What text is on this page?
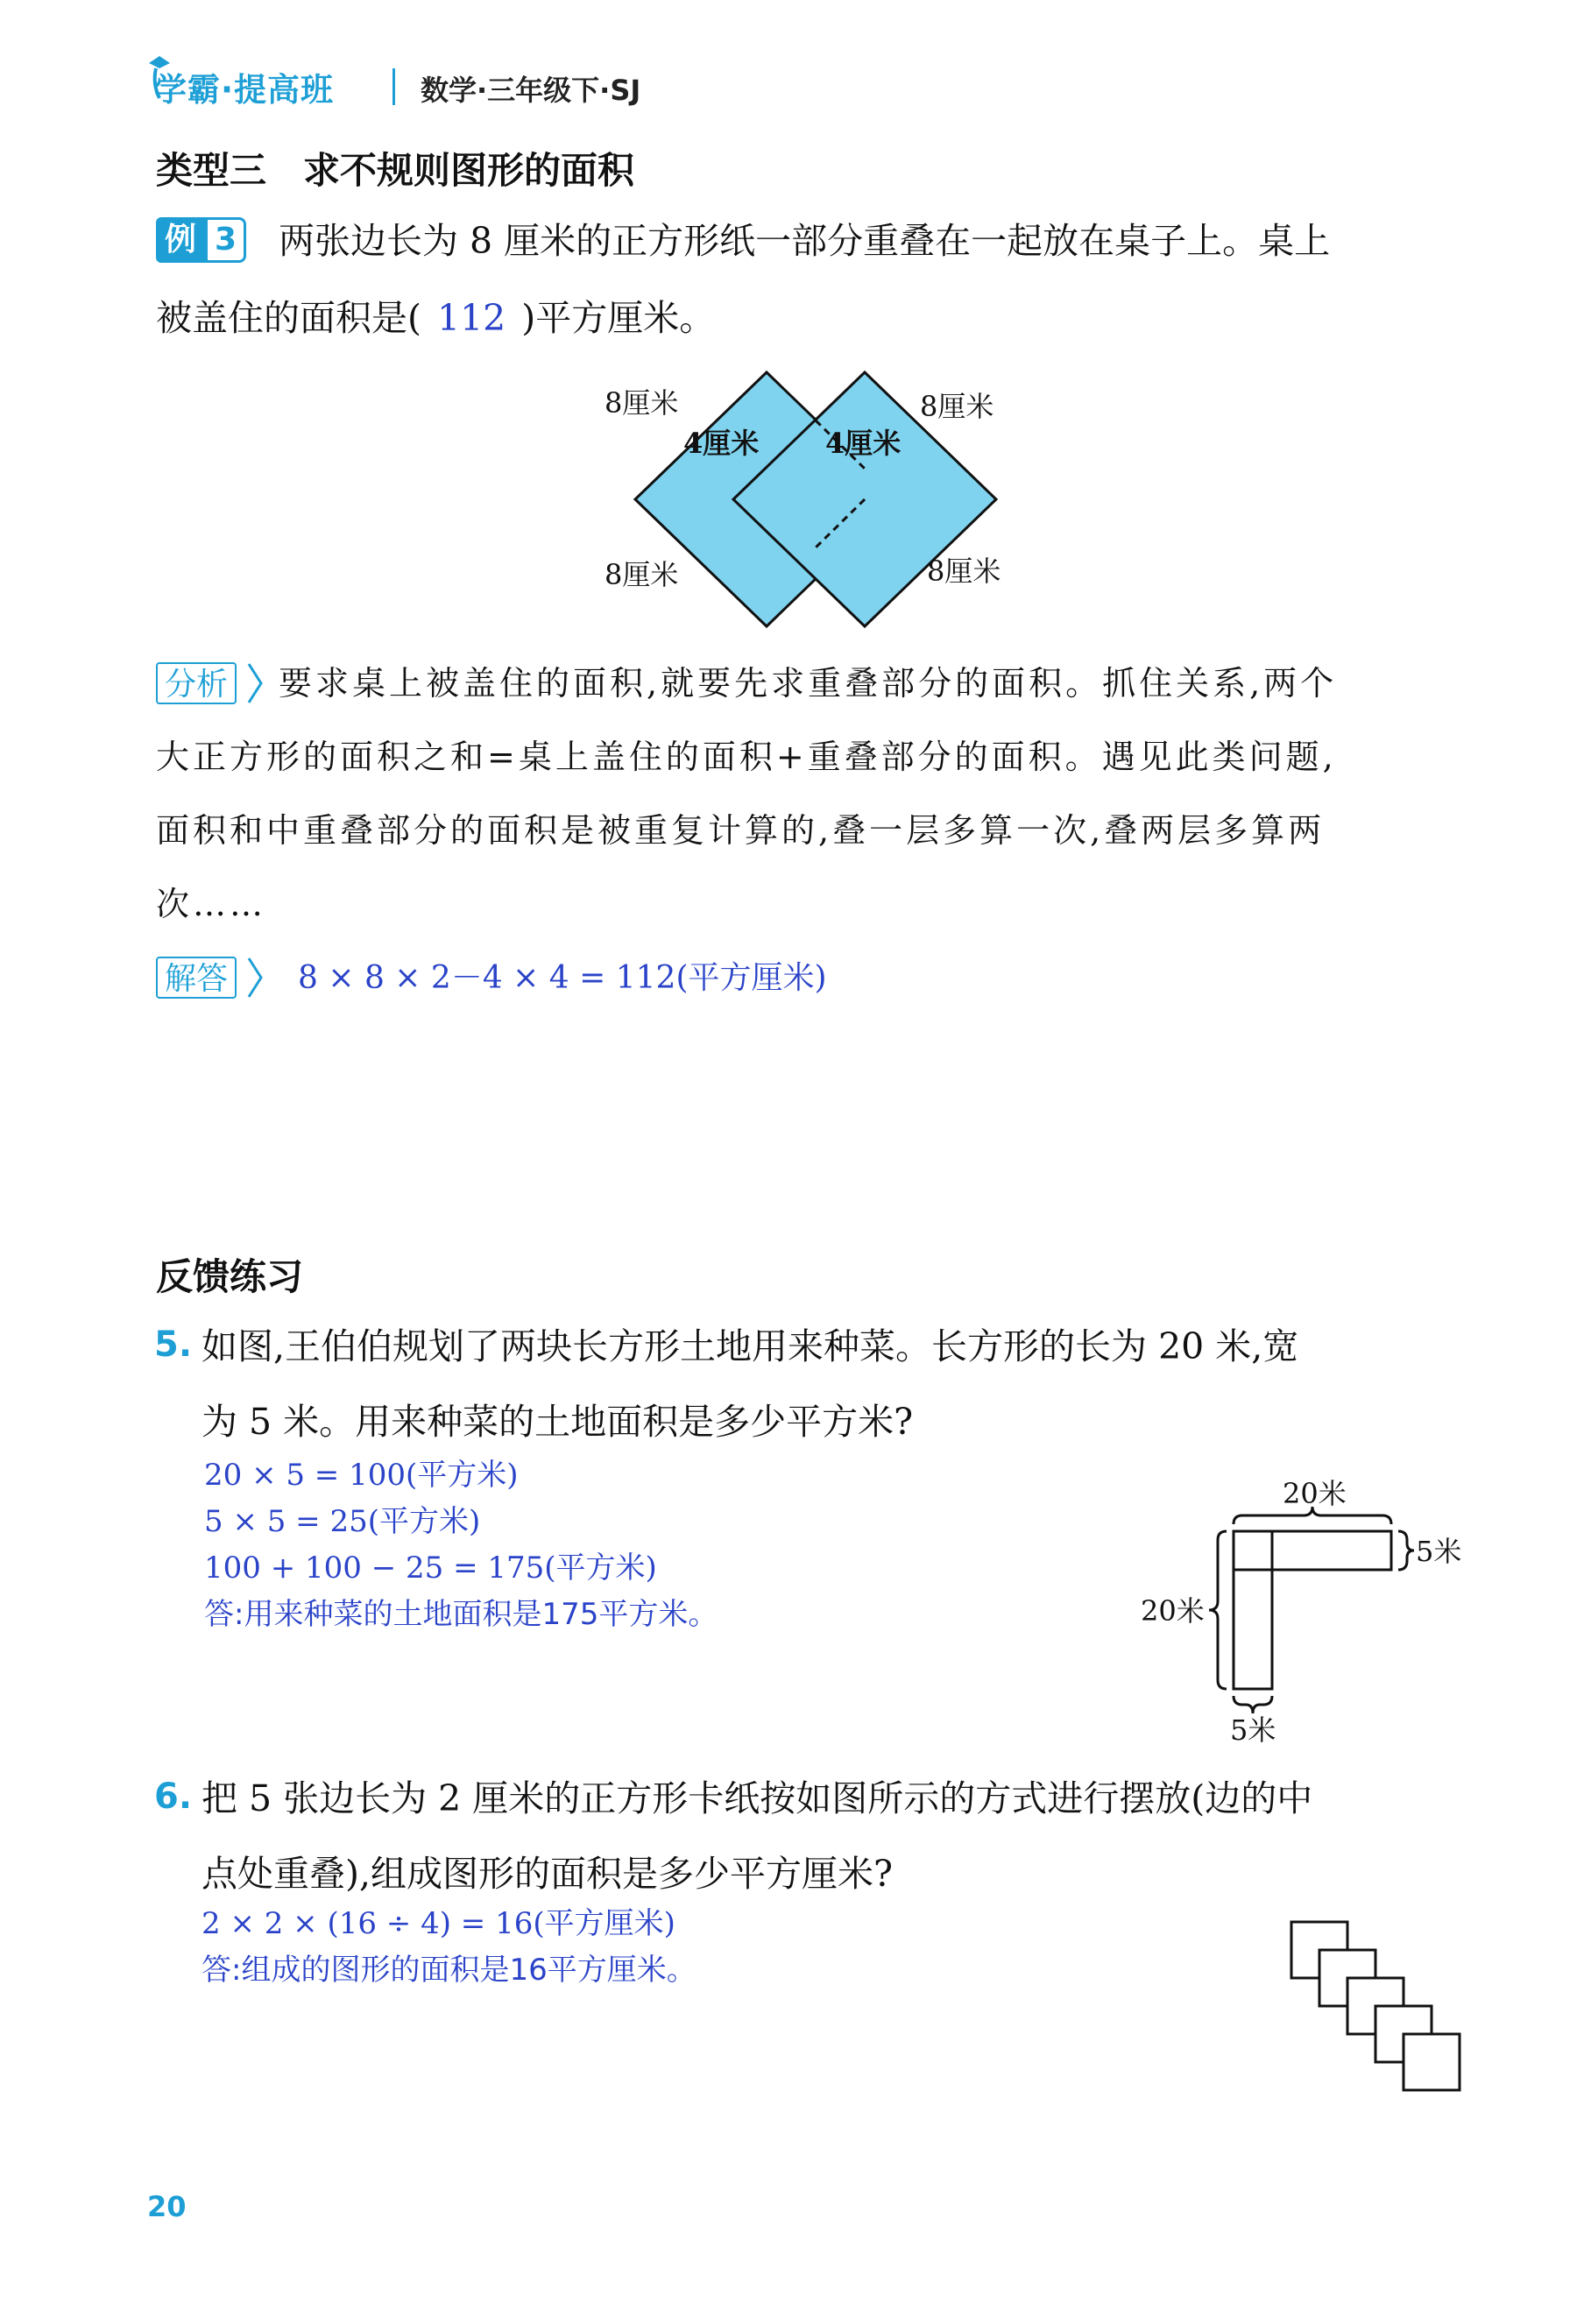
学霸·提高班	数学·三年级下·SJ
类型三　求不规则图形的面积
例 3 两张边长为 8 厘米的正方形纸一部分重叠在一起放在桌子上。桌上
被盖住的面积是( 112 )平方厘米。
8厘米
4厘米 4厘米
8厘米
8厘米	8厘米
分析 要求桌上被盖住的面积,就要先求重叠部分的面积。抓住关系,两个
大正方形的面积之和=桌上盖住的面积+重叠部分的面积。遇见此类问题,
面积和中重叠部分的面积是被重复计算的,叠一层多算一次,叠两层多算两
次……
解答 8 × 8 × 2－4 × 4 = 112(平方厘米)
反馈练习
5. 如图,王伯伯规划了两块长方形土地用来种菜。长方形的长为 20 米,宽
为 5 米。用来种菜的土地面积是多少平方米?
20 × 5 = 100(平方米)
5 × 5 = 25(平方米)
100 + 100 − 25 = 175(平方米)
答:用来种菜的土地面积是175平方米。
20米
5米
20米
5米
6. 把 5 张边长为 2 厘米的正方形卡纸按如图所示的方式进行摆放(边的中
点处重叠),组成图形的面积是多少平方厘米?
2 × 2 × (16 ÷ 4) = 16(平方厘米)
答:组成的图形的面积是16平方厘米。
20
